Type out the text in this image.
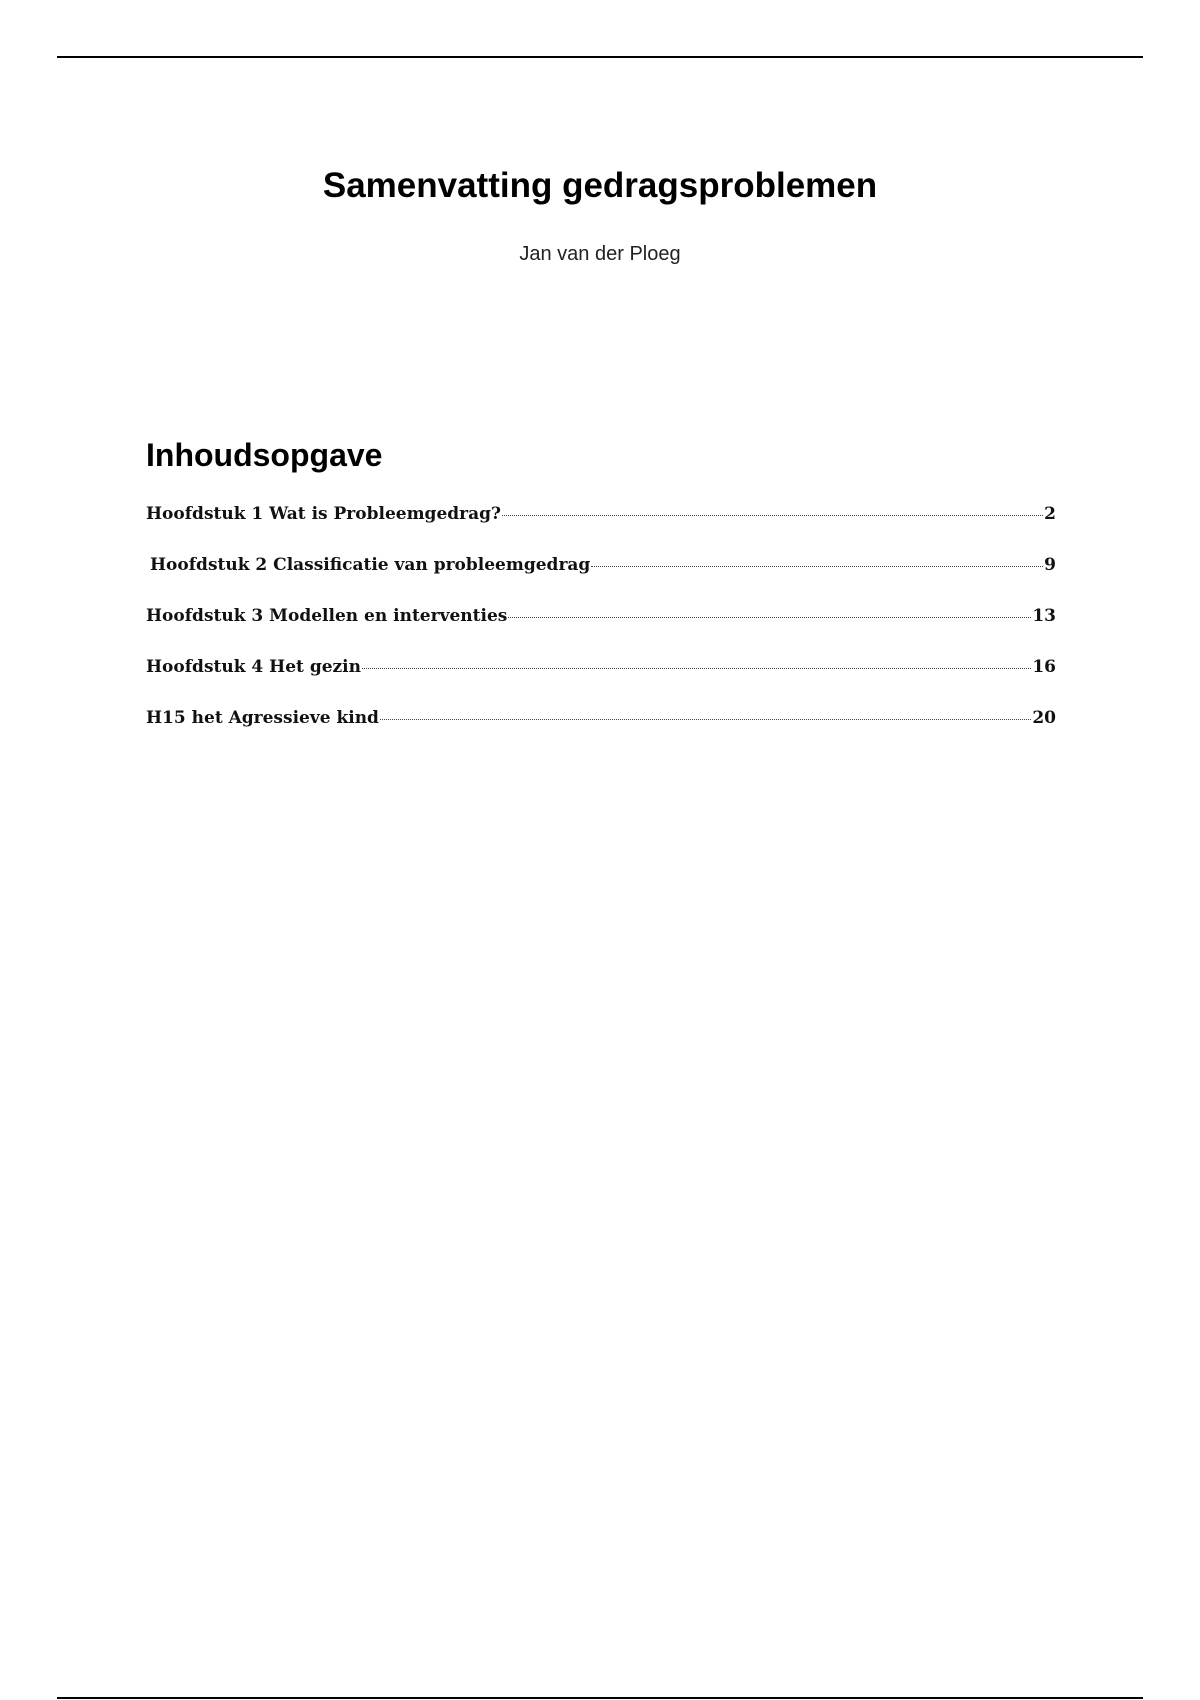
Samenvatting gedragsproblemen

Jan van der Ploeg

Inhoudsopgave
Hoofdstuk 1 Wat is Probleemgedrag?	2
Hoofdstuk 2 Classificatie van probleemgedrag	9
Hoofdstuk 3 Modellen en interventies	13
Hoofdstuk 4 Het gezin	16
H15 het Agressieve kind	20
